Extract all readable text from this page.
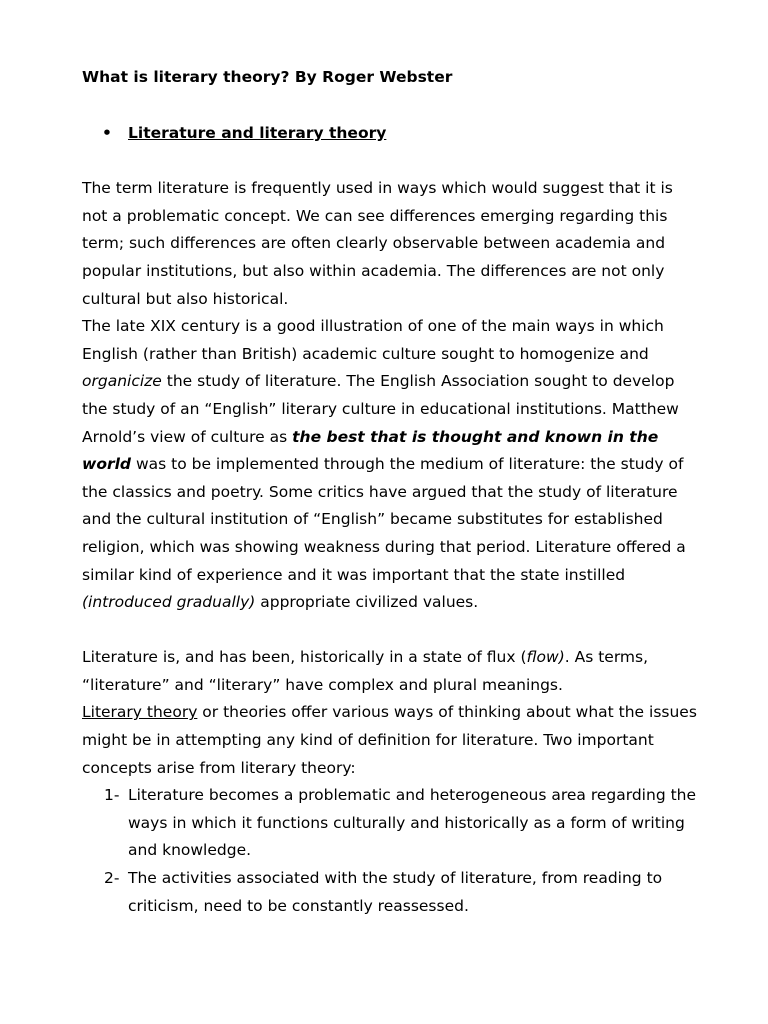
What is literary theory? By Roger Webster

• Literature and literary theory

The term literature is frequently used in ways which would suggest that it is not a problematic concept. We can see differences emerging regarding this term; such differences are often clearly observable between academia and popular institutions, but also within academia. The differences are not only cultural but also historical.

The late XIX century is a good illustration of one of the main ways in which English (rather than British) academic culture sought to homogenize and organicize the study of literature. The English Association sought to develop the study of an “English” literary culture in educational institutions. Matthew Arnold’s view of culture as the best that is thought and known in the world was to be implemented through the medium of literature: the study of the classics and poetry. Some critics have argued that the study of literature and the cultural institution of “English” became substitutes for established religion, which was showing weakness during that period. Literature offered a similar kind of experience and it was important that the state instilled (introduced gradually) appropriate civilized values.

Literature is, and has been, historically in a state of flux (flow). As terms, “literature” and “literary” have complex and plural meanings.

Literary theory or theories offer various ways of thinking about what the issues might be in attempting any kind of definition for literature. Two important concepts arise from literary theory:

1- Literature becomes a problematic and heterogeneous area regarding the ways in which it functions culturally and historically as a form of writing and knowledge.
2- The activities associated with the study of literature, from reading to criticism, need to be constantly reassessed.
